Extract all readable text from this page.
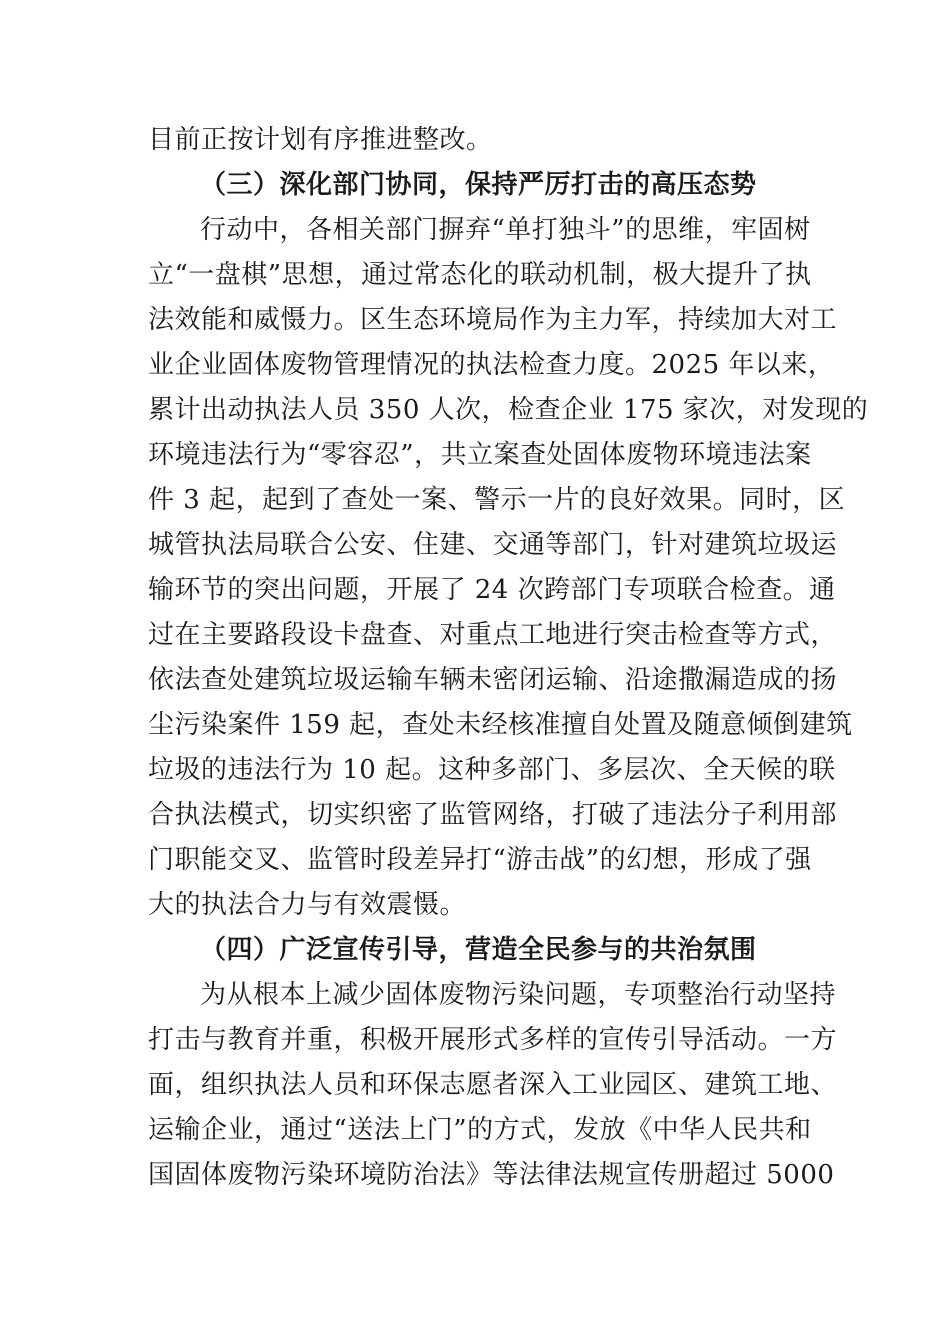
目前正按计划有序推进整改。
（三）深化部门协同，保持严厉打击的高压态势
行动中，各相关部门摒弃“单打独斗”的思维，牢固树
立“一盘棋”思想，通过常态化的联动机制，极大提升了执
法效能和威慑力。区生态环境局作为主力军，持续加大对工
业企业固体废物管理情况的执法检查力度。2025 年以来，
累计出动执法人员 350 人次，检查企业 175 家次，对发现的
环境违法行为“零容忍”，共立案查处固体废物环境违法案
件 3 起，起到了查处一案、警示一片的良好效果。同时，区
城管执法局联合公安、住建、交通等部门，针对建筑垃圾运
输环节的突出问题，开展了 24 次跨部门专项联合检查。通
过在主要路段设卡盘查、对重点工地进行突击检查等方式，
依法查处建筑垃圾运输车辆未密闭运输、沿途撒漏造成的扬
尘污染案件 159 起，查处未经核准擅自处置及随意倾倒建筑
垃圾的违法行为 10 起。这种多部门、多层次、全天候的联
合执法模式，切实织密了监管网络，打破了违法分子利用部
门职能交叉、监管时段差异打“游击战”的幻想，形成了强
大的执法合力与有效震慑。
（四）广泛宣传引导，营造全民参与的共治氛围
为从根本上减少固体废物污染问题，专项整治行动坚持
打击与教育并重，积极开展形式多样的宣传引导活动。一方
面，组织执法人员和环保志愿者深入工业园区、建筑工地、
运输企业，通过“送法上门”的方式，发放《中华人民共和
国固体废物污染环境防治法》等法律法规宣传册超过 5000
